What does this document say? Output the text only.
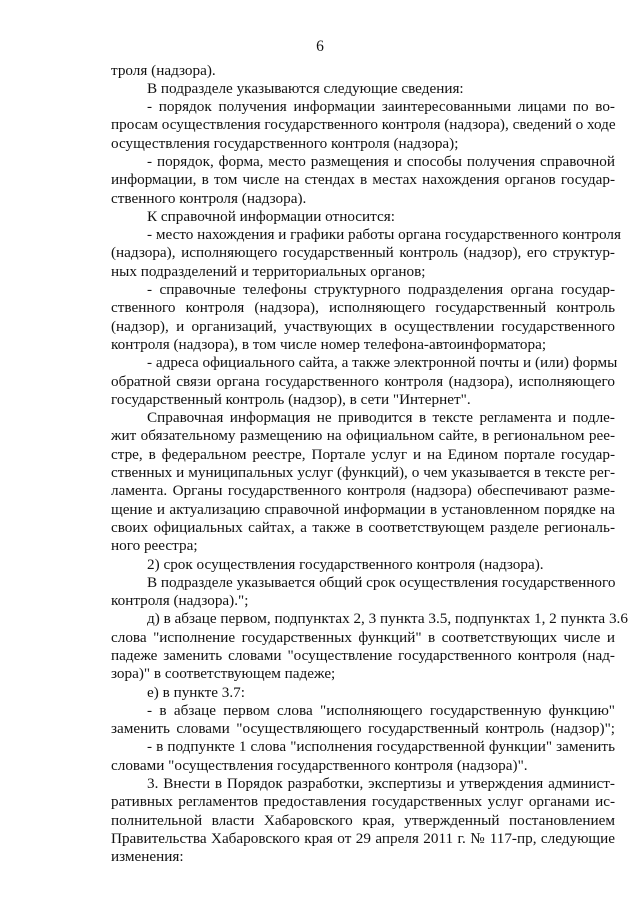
6
троля (надзора).
В подразделе указываются следующие сведения:
- порядок получения информации заинтересованными лицами по во-
просам осуществления государственного контроля (надзора), сведений о ходе
осуществления государственного контроля (надзора);
- порядок, форма, место размещения и способы получения справочной
информации, в том числе на стендах в местах нахождения органов государ-
ственного контроля (надзора).
К справочной информации относится:
- место нахождения и графики работы органа государственного контроля
(надзора), исполняющего государственный контроль (надзор), его структур-
ных подразделений и территориальных органов;
- справочные телефоны структурного подразделения органа государ-
ственного контроля (надзора), исполняющего государственный контроль
(надзор), и организаций, участвующих в осуществлении государственного
контроля (надзора), в том числе номер телефона-автоинформатора;
- адреса официального сайта, а также электронной почты и (или) формы
обратной связи органа государственного контроля (надзора), исполняющего
государственный контроль (надзор), в сети "Интернет".
Справочная информация не приводится в тексте регламента и подле-
жит обязательному размещению на официальном сайте, в региональном рее-
стре, в федеральном реестре, Портале услуг и на Едином портале государ-
ственных и муниципальных услуг (функций), о чем указывается в тексте рег-
ламента. Органы государственного контроля (надзора) обеспечивают разме-
щение и актуализацию справочной информации в установленном порядке на
своих официальных сайтах, а также в соответствующем разделе региональ-
ного реестра;
2) срок осуществления государственного контроля (надзора).
В подразделе указывается общий срок осуществления государственного
контроля (надзора).";
д) в абзаце первом, подпунктах 2, 3 пункта 3.5, подпунктах 1, 2 пункта 3.6
слова "исполнение государственных функций" в соответствующих числе и
падеже заменить словами "осуществление государственного контроля (над-
зора)" в соответствующем падеже;
е) в пункте 3.7:
- в абзаце первом слова "исполняющего государственную функцию"
заменить словами "осуществляющего государственный контроль (надзор)";
- в подпункте 1 слова "исполнения государственной функции" заменить
словами "осуществления государственного контроля (надзора)".
3. Внести в Порядок разработки, экспертизы и утверждения админист-
ративных регламентов предоставления государственных услуг органами ис-
полнительной власти Хабаровского края, утвержденный постановлением
Правительства Хабаровского края от 29 апреля 2011 г. № 117-пр, следующие
изменения:
